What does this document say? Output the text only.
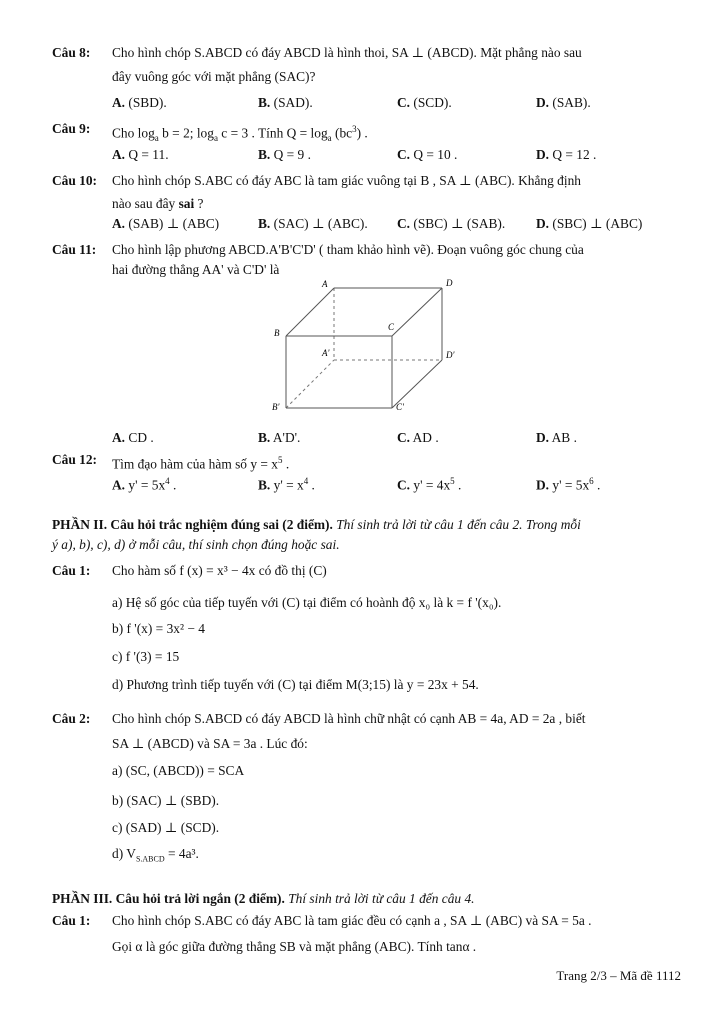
Câu 8: Cho hình chóp S.ABCD có đáy ABCD là hình thoi, SA ⊥ (ABCD). Mặt phẳng nào sau
đây vuông góc với mặt phẳng (SAC)?
A. (SBD).	B. (SAD).	C. (SCD).	D. (SAB).
Câu 9: Cho $\log_a b = 2$; $\log_a c = 3$ . Tính $Q = \log_a (bc^3)$ .
A. Q = 11.	B. Q = 9 .	C. Q = 10 .	D. Q = 12 .
Câu 10: Cho hình chóp S.ABC có đáy ABC là tam giác vuông tại B , SA ⊥ (ABC). Khẳng định
nào sau đây sai ?
A. (SAB) ⊥ (ABC)	B. (SAC) ⊥ (ABC). C. (SBC) ⊥ (SAB). D. (SBC) ⊥ (ABC)
Câu 11: Cho hình lập phương ABCD.A'B'C'D' ( tham khảo hình vẽ). Đoạn vuông góc chung của
hai đường thẳng AA' và C'D' là
A	D
B
C
A'	D'
B'	C'
A. CD .	B. A'D'.	C. AD .	D. AB .
Câu 12: Tìm đạo hàm của hàm số $y = x^5$ .
A. $y' = 5x^4$ .	B. $y' = x^4$ .	C. $y' = 4x^5$ .	D. $y' = 5x^6$ .
PHẦN II. Câu hỏi trắc nghiệm đúng sai (2 điểm). Thí sinh trả lời từ câu 1 đến câu 2. Trong mỗi
ý a), b), c), d) ở mỗi câu, thí sinh chọn đúng hoặc sai.
Câu 1: Cho hàm số f (x) = x³ − 4x có đồ thị (C)
a) Hệ số góc của tiếp tuyến với (C) tại điểm có hoành độ x₀ là k = f '(x₀).
b) f '(x) = 3x² − 4
c) f '(3) = 15
d) Phương trình tiếp tuyến với (C) tại điểm M(3;15) là y = 23x + 54.
Câu 2: Cho hình chóp S.ABCD có đáy ABCD là hình chữ nhật có cạnh AB = 4a, AD = 2a , biết
SA ⊥ (ABCD) và SA = 3a . Lúc đó:
a) (SC, (ABCD)) = SCA
b) (SAC) ⊥ (SBD).
c) (SAD) ⊥ (SCD).
d) $V_{S.ABCD} = 4a^3$.
PHẦN III. Câu hỏi trả lời ngắn (2 điểm). Thí sinh trả lời từ câu 1 đến câu 4.
Câu 1: Cho hình chóp S.ABC có đáy ABC là tam giác đều có cạnh a , SA ⊥ (ABC) và SA = 5a .
Gọi α là góc giữa đường thẳng SB và mặt phẳng (ABC). Tính tanα .
Trang 2/3 – Mã đề 1112
